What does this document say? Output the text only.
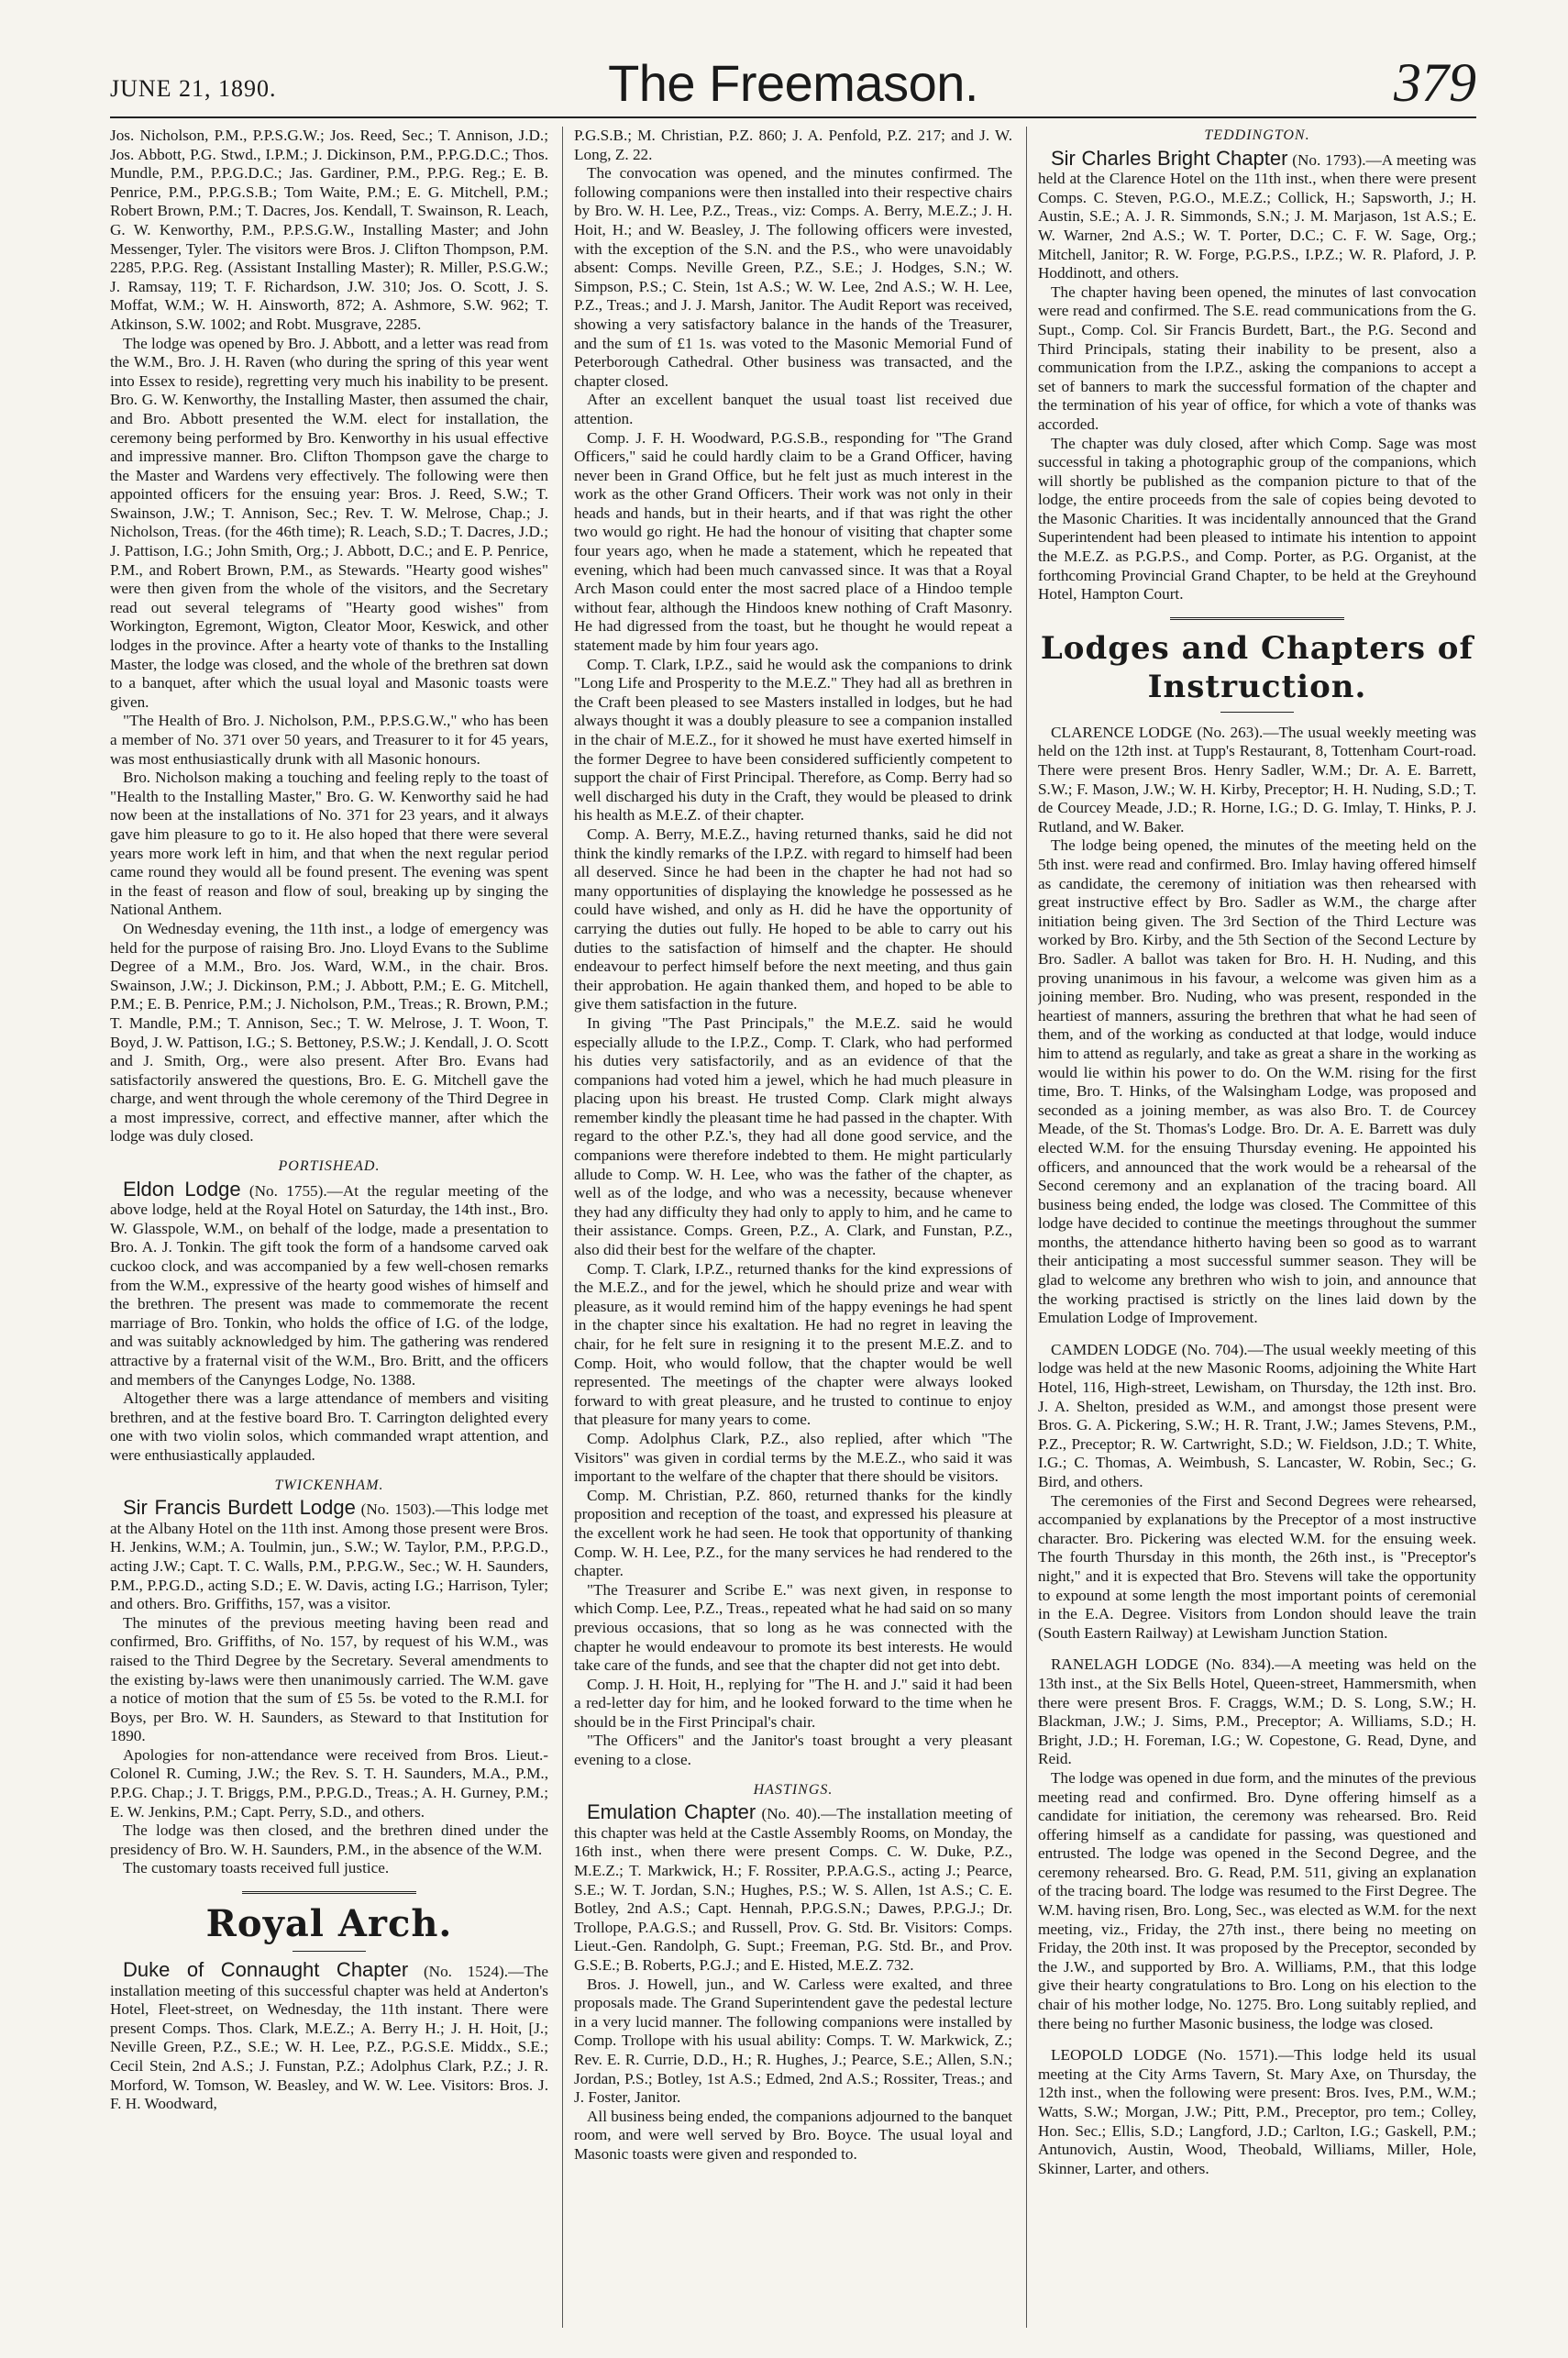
JUNE 21, 1890.	The Freemason.	379

Jos. Nicholson, P.M., P.P.S.G.W.; Jos. Reed, Sec.; T. Annison, J.D.; Jos. Abbott, P.G. Stwd., I.P.M.; J. Dickinson, P.M., P.P.G.D.C.; Thos. Mundle, P.M., P.P.G.D.C.; Jas. Gardiner, P.M., P.P.G. Reg.; E. B. Penrice, P.M., P.P.G.S.B.; Tom Waite, P.M.; E. G. Mitchell, P.M.; Robert Brown, P.M.; T. Dacres, Jos. Kendall, T. Swainson, R. Leach, G. W. Kenworthy, P.M., P.P.S.G.W., Installing Master; and John Messenger, Tyler. The visitors were Bros. J. Clifton Thompson, P.M. 2285, P.P.G. Reg. (Assistant Installing Master); R. Miller, P.S.G.W.; J. Ramsay, 119; T. F. Richardson, J.W. 310; Jos. O. Scott, J. S. Moffat, W.M.; W. H. Ainsworth, 872; A. Ashmore, S.W. 962; T. Atkinson, S.W. 1002; and Robt. Musgrave, 2285.

The lodge was opened by Bro. J. Abbott, and a letter was read from the W.M., Bro. J. H. Raven (who during the spring of this year went into Essex to reside), regretting very much his inability to be present. Bro. G. W. Kenworthy, the Installing Master, then assumed the chair, and Bro. Abbott presented the W.M. elect for installation, the ceremony being performed by Bro. Kenworthy in his usual effective and impressive manner. Bro. Clifton Thompson gave the charge to the Master and Wardens very effectively. The following were then appointed officers for the ensuing year: Bros. J. Reed, S.W.; T. Swainson, J.W.; T. Annison, Sec.; Rev. T. W. Melrose, Chap.; J. Nicholson, Treas. (for the 46th time); R. Leach, S.D.; T. Dacres, J.D.; J. Pattison, I.G.; John Smith, Org.; J. Abbott, D.C.; and E. P. Penrice, P.M., and Robert Brown, P.M., as Stewards. "Hearty good wishes" were then given from the whole of the visitors, and the Secretary read out several telegrams of "Hearty good wishes" from Workington, Egremont, Wigton, Cleator Moor, Keswick, and other lodges in the province. After a hearty vote of thanks to the Installing Master, the lodge was closed, and the whole of the brethren sat down to a banquet, after which the usual loyal and Masonic toasts were given.

"The Health of Bro. J. Nicholson, P.M., P.P.S.G.W.," who has been a member of No. 371 over 50 years, and Treasurer to it for 45 years, was most enthusiastically drunk with all Masonic honours.

Bro. Nicholson making a touching and feeling reply to the toast of "Health to the Installing Master," Bro. G. W. Kenworthy said he had now been at the installations of No. 371 for 23 years, and it always gave him pleasure to go to it. He also hoped that there were several years more work left in him, and that when the next regular period came round they would all be found present. The evening was spent in the feast of reason and flow of soul, breaking up by singing the National Anthem.

On Wednesday evening, the 11th inst., a lodge of emergency was held for the purpose of raising Bro. Jno. Lloyd Evans to the Sublime Degree of a M.M., Bro. Jos. Ward, W.M., in the chair. Bros. Swainson, J.W.; J. Dickinson, P.M.; J. Abbott, P.M.; E. G. Mitchell, P.M.; E. B. Penrice, P.M.; J. Nicholson, P.M., Treas.; R. Brown, P.M.; T. Mandle, P.M.; T. Annison, Sec.; T. W. Melrose, J. T. Woon, T. Boyd, J. W. Pattison, I.G.; S. Bettoney, P.S.W.; J. Kendall, J. O. Scott and J. Smith, Org., were also present. After Bro. Evans had satisfactorily answered the questions, Bro. E. G. Mitchell gave the charge, and went through the whole ceremony of the Third Degree in a most impressive, correct, and effective manner, after which the lodge was duly closed.

PORTISHEAD.

Eldon Lodge (No. 1755).—At the regular meeting of the above lodge, held at the Royal Hotel on Saturday, the 14th inst., Bro. W. Glasspole, W.M., on behalf of the lodge, made a presentation to Bro. A. J. Tonkin. The gift took the form of a handsome carved oak cuckoo clock, and was accompanied by a few well-chosen remarks from the W.M., expressive of the hearty good wishes of himself and the brethren. The present was made to commemorate the recent marriage of Bro. Tonkin, who holds the office of I.G. of the lodge, and was suitably acknowledged by him. The gathering was rendered attractive by a fraternal visit of the W.M., Bro. Britt, and the officers and members of the Canynges Lodge, No. 1388.

Altogether there was a large attendance of members and visiting brethren, and at the festive board Bro. T. Carrington delighted every one with two violin solos, which commanded wrapt attention, and were enthusiastically applauded.

TWICKENHAM.

Sir Francis Burdett Lodge (No. 1503).—This lodge met at the Albany Hotel on the 11th inst. Among those present were Bros. H. Jenkins, W.M.; A. Toulmin, jun., S.W.; W. Taylor, P.M., P.P.G.D., acting J.W.; Capt. T. C. Walls, P.M., P.P.G.W., Sec.; W. H. Saunders, P.M., P.P.G.D., acting S.D.; E. W. Davis, acting I.G.; Harrison, Tyler; and others. Bro. Griffiths, 157, was a visitor.

The minutes of the previous meeting having been read and confirmed, Bro. Griffiths, of No. 157, by request of his W.M., was raised to the Third Degree by the Secretary. Several amendments to the existing by-laws were then unanimously carried. The W.M. gave a notice of motion that the sum of £5 5s. be voted to the R.M.I. for Boys, per Bro. W. H. Saunders, as Steward to that Institution for 1890.

Apologies for non-attendance were received from Bros. Lieut.-Colonel R. Cuming, J.W.; the Rev. S. T. H. Saunders, M.A., P.M., P.P.G. Chap.; J. T. Briggs, P.M., P.P.G.D., Treas.; A. H. Gurney, P.M.; E. W. Jenkins, P.M.; Capt. Perry, S.D., and others.

The lodge was then closed, and the brethren dined under the presidency of Bro. W. H. Saunders, P.M., in the absence of the W.M.

The customary toasts received full justice.

Royal Arch.

Duke of Connaught Chapter (No. 1524).—The installation meeting of this successful chapter was held at Anderton's Hotel, Fleet-street, on Wednesday, the 11th instant. There were present Comps. Thos. Clark, M.E.Z.; A. Berry H.; J. H. Hoit, [J.; Neville Green, P.Z., S.E.; W. H. Lee, P.Z., P.G.S.E. Middx., S.E.; Cecil Stein, 2nd A.S.; J. Funstan, P.Z.; Adolphus Clark, P.Z.; J. R. Morford, W. Tomson, W. Beasley, and W. W. Lee. Visitors: Bros. J. F. H. Woodward,

P.G.S.B.; M. Christian, P.Z. 860; J. A. Penfold, P.Z. 217; and J. W. Long, Z. 22.

The convocation was opened, and the minutes confirmed. The following companions were then installed into their respective chairs by Bro. W. H. Lee, P.Z., Treas., viz: Comps. A. Berry, M.E.Z.; J. H. Hoit, H.; and W. Beasley, J. The following officers were invested, with the exception of the S.N. and the P.S., who were unavoidably absent: Comps. Neville Green, P.Z., S.E.; J. Hodges, S.N.; W. Simpson, P.S.; C. Stein, 1st A.S.; W. W. Lee, 2nd A.S.; W. H. Lee, P.Z., Treas.; and J. J. Marsh, Janitor. The Audit Report was received, showing a very satisfactory balance in the hands of the Treasurer, and the sum of £1 1s. was voted to the Masonic Memorial Fund of Peterborough Cathedral. Other business was transacted, and the chapter closed.

After an excellent banquet the usual toast list received due attention.

Comp. J. F. H. Woodward, P.G.S.B., responding for "The Grand Officers," said he could hardly claim to be a Grand Officer, having never been in Grand Office, but he felt just as much interest in the work as the other Grand Officers. Their work was not only in their heads and hands, but in their hearts, and if that was right the other two would go right. He had the honour of visiting that chapter some four years ago, when he made a statement, which he repeated that evening, which had been much canvassed since. It was that a Royal Arch Mason could enter the most sacred place of a Hindoo temple without fear, although the Hindoos knew nothing of Craft Masonry. He had digressed from the toast, but he thought he would repeat a statement made by him four years ago.

Comp. T. Clark, I.P.Z., said he would ask the companions to drink "Long Life and Prosperity to the M.E.Z." They had all as brethren in the Craft been pleased to see Masters installed in lodges, but he had always thought it was a doubly pleasure to see a companion installed in the chair of M.E.Z., for it showed he must have exerted himself in the former Degree to have been considered sufficiently competent to support the chair of First Principal. Therefore, as Comp. Berry had so well discharged his duty in the Craft, they would be pleased to drink his health as M.E.Z. of their chapter.

Comp. A. Berry, M.E.Z., having returned thanks, said he did not think the kindly remarks of the I.P.Z. with regard to himself had been all deserved. Since he had been in the chapter he had not had so many opportunities of displaying the knowledge he possessed as he could have wished, and only as H. did he have the opportunity of carrying the duties out fully. He hoped to be able to carry out his duties to the satisfaction of himself and the chapter. He should endeavour to perfect himself before the next meeting, and thus gain their approbation. He again thanked them, and hoped to be able to give them satisfaction in the future.

In giving "The Past Principals," the M.E.Z. said he would especially allude to the I.P.Z., Comp. T. Clark, who had performed his duties very satisfactorily, and as an evidence of that the companions had voted him a jewel, which he had much pleasure in placing upon his breast. He trusted Comp. Clark might always remember kindly the pleasant time he had passed in the chapter. With regard to the other P.Z.'s, they had all done good service, and the companions were therefore indebted to them. He might particularly allude to Comp. W. H. Lee, who was the father of the chapter, as well as of the lodge, and who was a necessity, because whenever they had any difficulty they had only to apply to him, and he came to their assistance. Comps. Green, P.Z., A. Clark, and Funstan, P.Z., also did their best for the welfare of the chapter.

Comp. T. Clark, I.P.Z., returned thanks for the kind expressions of the M.E.Z., and for the jewel, which he should prize and wear with pleasure, as it would remind him of the happy evenings he had spent in the chapter since his exaltation. He had no regret in leaving the chair, for he felt sure in resigning it to the present M.E.Z. and to Comp. Hoit, who would follow, that the chapter would be well represented. The meetings of the chapter were always looked forward to with great pleasure, and he trusted to continue to enjoy that pleasure for many years to come.

Comp. Adolphus Clark, P.Z., also replied, after which "The Visitors" was given in cordial terms by the M.E.Z., who said it was important to the welfare of the chapter that there should be visitors.

Comp. M. Christian, P.Z. 860, returned thanks for the kindly proposition and reception of the toast, and expressed his pleasure at the excellent work he had seen. He took that opportunity of thanking Comp. W. H. Lee, P.Z., for the many services he had rendered to the chapter.

"The Treasurer and Scribe E." was next given, in response to which Comp. Lee, P.Z., Treas., repeated what he had said on so many previous occasions, that so long as he was connected with the chapter he would endeavour to promote its best interests. He would take care of the funds, and see that the chapter did not get into debt.

Comp. J. H. Hoit, H., replying for "The H. and J." said it had been a red-letter day for him, and he looked forward to the time when he should be in the First Principal's chair.

"The Officers" and the Janitor's toast brought a very pleasant evening to a close.

HASTINGS.

Emulation Chapter (No. 40).—The installation meeting of this chapter was held at the Castle Assembly Rooms, on Monday, the 16th inst., when there were present Comps. C. W. Duke, P.Z., M.E.Z.; T. Markwick, H.; F. Rossiter, P.P.A.G.S., acting J.; Pearce, S.E.; W. T. Jordan, S.N.; Hughes, P.S.; W. S. Allen, 1st A.S.; C. E. Botley, 2nd A.S.; Capt. Hennah, P.P.G.S.N.; Dawes, P.P.G.J.; Dr. Trollope, P.A.G.S.; and Russell, Prov. G. Std. Br. Visitors: Comps. Lieut.-Gen. Randolph, G. Supt.; Freeman, P.G. Std. Br., and Prov. G.S.E.; B. Roberts, P.G.J.; and E. Histed, M.E.Z. 732.

Bros. J. Howell, jun., and W. Carless were exalted, and three proposals made. The Grand Superintendent gave the pedestal lecture in a very lucid manner. The following companions were installed by Comp. Trollope with his usual ability: Comps. T. W. Markwick, Z.; Rev. E. R. Currie, D.D., H.; R. Hughes, J.; Pearce, S.E.; Allen, S.N.; Jordan, P.S.; Botley, 1st A.S.; Edmed, 2nd A.S.; Rossiter, Treas.; and J. Foster, Janitor.

All business being ended, the companions adjourned to the banquet room, and were well served by Bro. Boyce. The usual loyal and Masonic toasts were given and responded to.

TEDDINGTON.

Sir Charles Bright Chapter (No. 1793).—A meeting was held at the Clarence Hotel on the 11th inst., when there were present Comps. C. Steven, P.G.O., M.E.Z.; Collick, H.; Sapsworth, J.; H. Austin, S.E.; A. J. R. Simmonds, S.N.; J. M. Marjason, 1st A.S.; E. W. Warner, 2nd A.S.; W. T. Porter, D.C.; C. F. W. Sage, Org.; Mitchell, Janitor; R. W. Forge, P.G.P.S., I.P.Z.; W. R. Plaford, J. P. Hoddinott, and others.

The chapter having been opened, the minutes of last convocation were read and confirmed. The S.E. read communications from the G. Supt., Comp. Col. Sir Francis Burdett, Bart., the P.G. Second and Third Principals, stating their inability to be present, also a communication from the I.P.Z., asking the companions to accept a set of banners to mark the successful formation of the chapter and the termination of his year of office, for which a vote of thanks was accorded.

The chapter was duly closed, after which Comp. Sage was most successful in taking a photographic group of the companions, which will shortly be published as the companion picture to that of the lodge, the entire proceeds from the sale of copies being devoted to the Masonic Charities. It was incidentally announced that the Grand Superintendent had been pleased to intimate his intention to appoint the M.E.Z. as P.G.P.S., and Comp. Porter, as P.G. Organist, at the forthcoming Provincial Grand Chapter, to be held at the Greyhound Hotel, Hampton Court.

Lodges and Chapters of Instruction.

CLARENCE LODGE (No. 263).—The usual weekly meeting was held on the 12th inst. at Tupp's Restaurant, 8, Tottenham Court-road. There were present Bros. Henry Sadler, W.M.; Dr. A. E. Barrett, S.W.; F. Mason, J.W.; W. H. Kirby, Preceptor; H. H. Nuding, S.D.; T. de Courcey Meade, J.D.; R. Horne, I.G.; D. G. Imlay, T. Hinks, P. J. Rutland, and W. Baker.

The lodge being opened, the minutes of the meeting held on the 5th inst. were read and confirmed. Bro. Imlay having offered himself as candidate, the ceremony of initiation was then rehearsed with great instructive effect by Bro. Sadler as W.M., the charge after initiation being given. The 3rd Section of the Third Lecture was worked by Bro. Kirby, and the 5th Section of the Second Lecture by Bro. Sadler. A ballot was taken for Bro. H. H. Nuding, and this proving unanimous in his favour, a welcome was given him as a joining member. Bro. Nuding, who was present, responded in the heartiest of manners, assuring the brethren that what he had seen of them, and of the working as conducted at that lodge, would induce him to attend as regularly, and take as great a share in the working as would lie within his power to do. On the W.M. rising for the first time, Bro. T. Hinks, of the Walsingham Lodge, was proposed and seconded as a joining member, as was also Bro. T. de Courcey Meade, of the St. Thomas's Lodge. Bro. Dr. A. E. Barrett was duly elected W.M. for the ensuing Thursday evening. He appointed his officers, and announced that the work would be a rehearsal of the Second ceremony and an explanation of the tracing board. All business being ended, the lodge was closed. The Committee of this lodge have decided to continue the meetings throughout the summer months, the attendance hitherto having been so good as to warrant their anticipating a most successful summer season. They will be glad to welcome any brethren who wish to join, and announce that the working practised is strictly on the lines laid down by the Emulation Lodge of Improvement.

CAMDEN LODGE (No. 704).—The usual weekly meeting of this lodge was held at the new Masonic Rooms, adjoining the White Hart Hotel, 116, High-street, Lewisham, on Thursday, the 12th inst. Bro. J. A. Shelton, presided as W.M., and amongst those present were Bros. G. A. Pickering, S.W.; H. R. Trant, J.W.; James Stevens, P.M., P.Z., Preceptor; R. W. Cartwright, S.D.; W. Fieldson, J.D.; T. White, I.G.; C. Thomas, A. Weimbush, S. Lancaster, W. Robin, Sec.; G. Bird, and others.

The ceremonies of the First and Second Degrees were rehearsed, accompanied by explanations by the Preceptor of a most instructive character. Bro. Pickering was elected W.M. for the ensuing week. The fourth Thursday in this month, the 26th inst., is "Preceptor's night," and it is expected that Bro. Stevens will take the opportunity to expound at some length the most important points of ceremonial in the E.A. Degree. Visitors from London should leave the train (South Eastern Railway) at Lewisham Junction Station.

RANELAGH LODGE (No. 834).—A meeting was held on the 13th inst., at the Six Bells Hotel, Queen-street, Hammersmith, when there were present Bros. F. Craggs, W.M.; D. S. Long, S.W.; H. Blackman, J.W.; J. Sims, P.M., Preceptor; A. Williams, S.D.; H. Bright, J.D.; H. Foreman, I.G.; W. Copestone, G. Read, Dyne, and Reid.

The lodge was opened in due form, and the minutes of the previous meeting read and confirmed. Bro. Dyne offering himself as a candidate for initiation, the ceremony was rehearsed. Bro. Reid offering himself as a candidate for passing, was questioned and entrusted. The lodge was opened in the Second Degree, and the ceremony rehearsed. Bro. G. Read, P.M. 511, giving an explanation of the tracing board. The lodge was resumed to the First Degree. The W.M. having risen, Bro. Long, Sec., was elected as W.M. for the next meeting, viz., Friday, the 27th inst., there being no meeting on Friday, the 20th inst. It was proposed by the Preceptor, seconded by the J.W., and supported by Bro. A. Williams, P.M., that this lodge give their hearty congratulations to Bro. Long on his election to the chair of his mother lodge, No. 1275. Bro. Long suitably replied, and there being no further Masonic business, the lodge was closed.

LEOPOLD LODGE (No. 1571).—This lodge held its usual meeting at the City Arms Tavern, St. Mary Axe, on Thursday, the 12th inst., when the following were present: Bros. Ives, P.M., W.M.; Watts, S.W.; Morgan, J.W.; Pitt, P.M., Preceptor, pro tem.; Colley, Hon. Sec.; Ellis, S.D.; Langford, J.D.; Carlton, I.G.; Gaskell, P.M.; Antunovich, Austin, Wood, Theobald, Williams, Miller, Hole, Skinner, Larter, and others.
